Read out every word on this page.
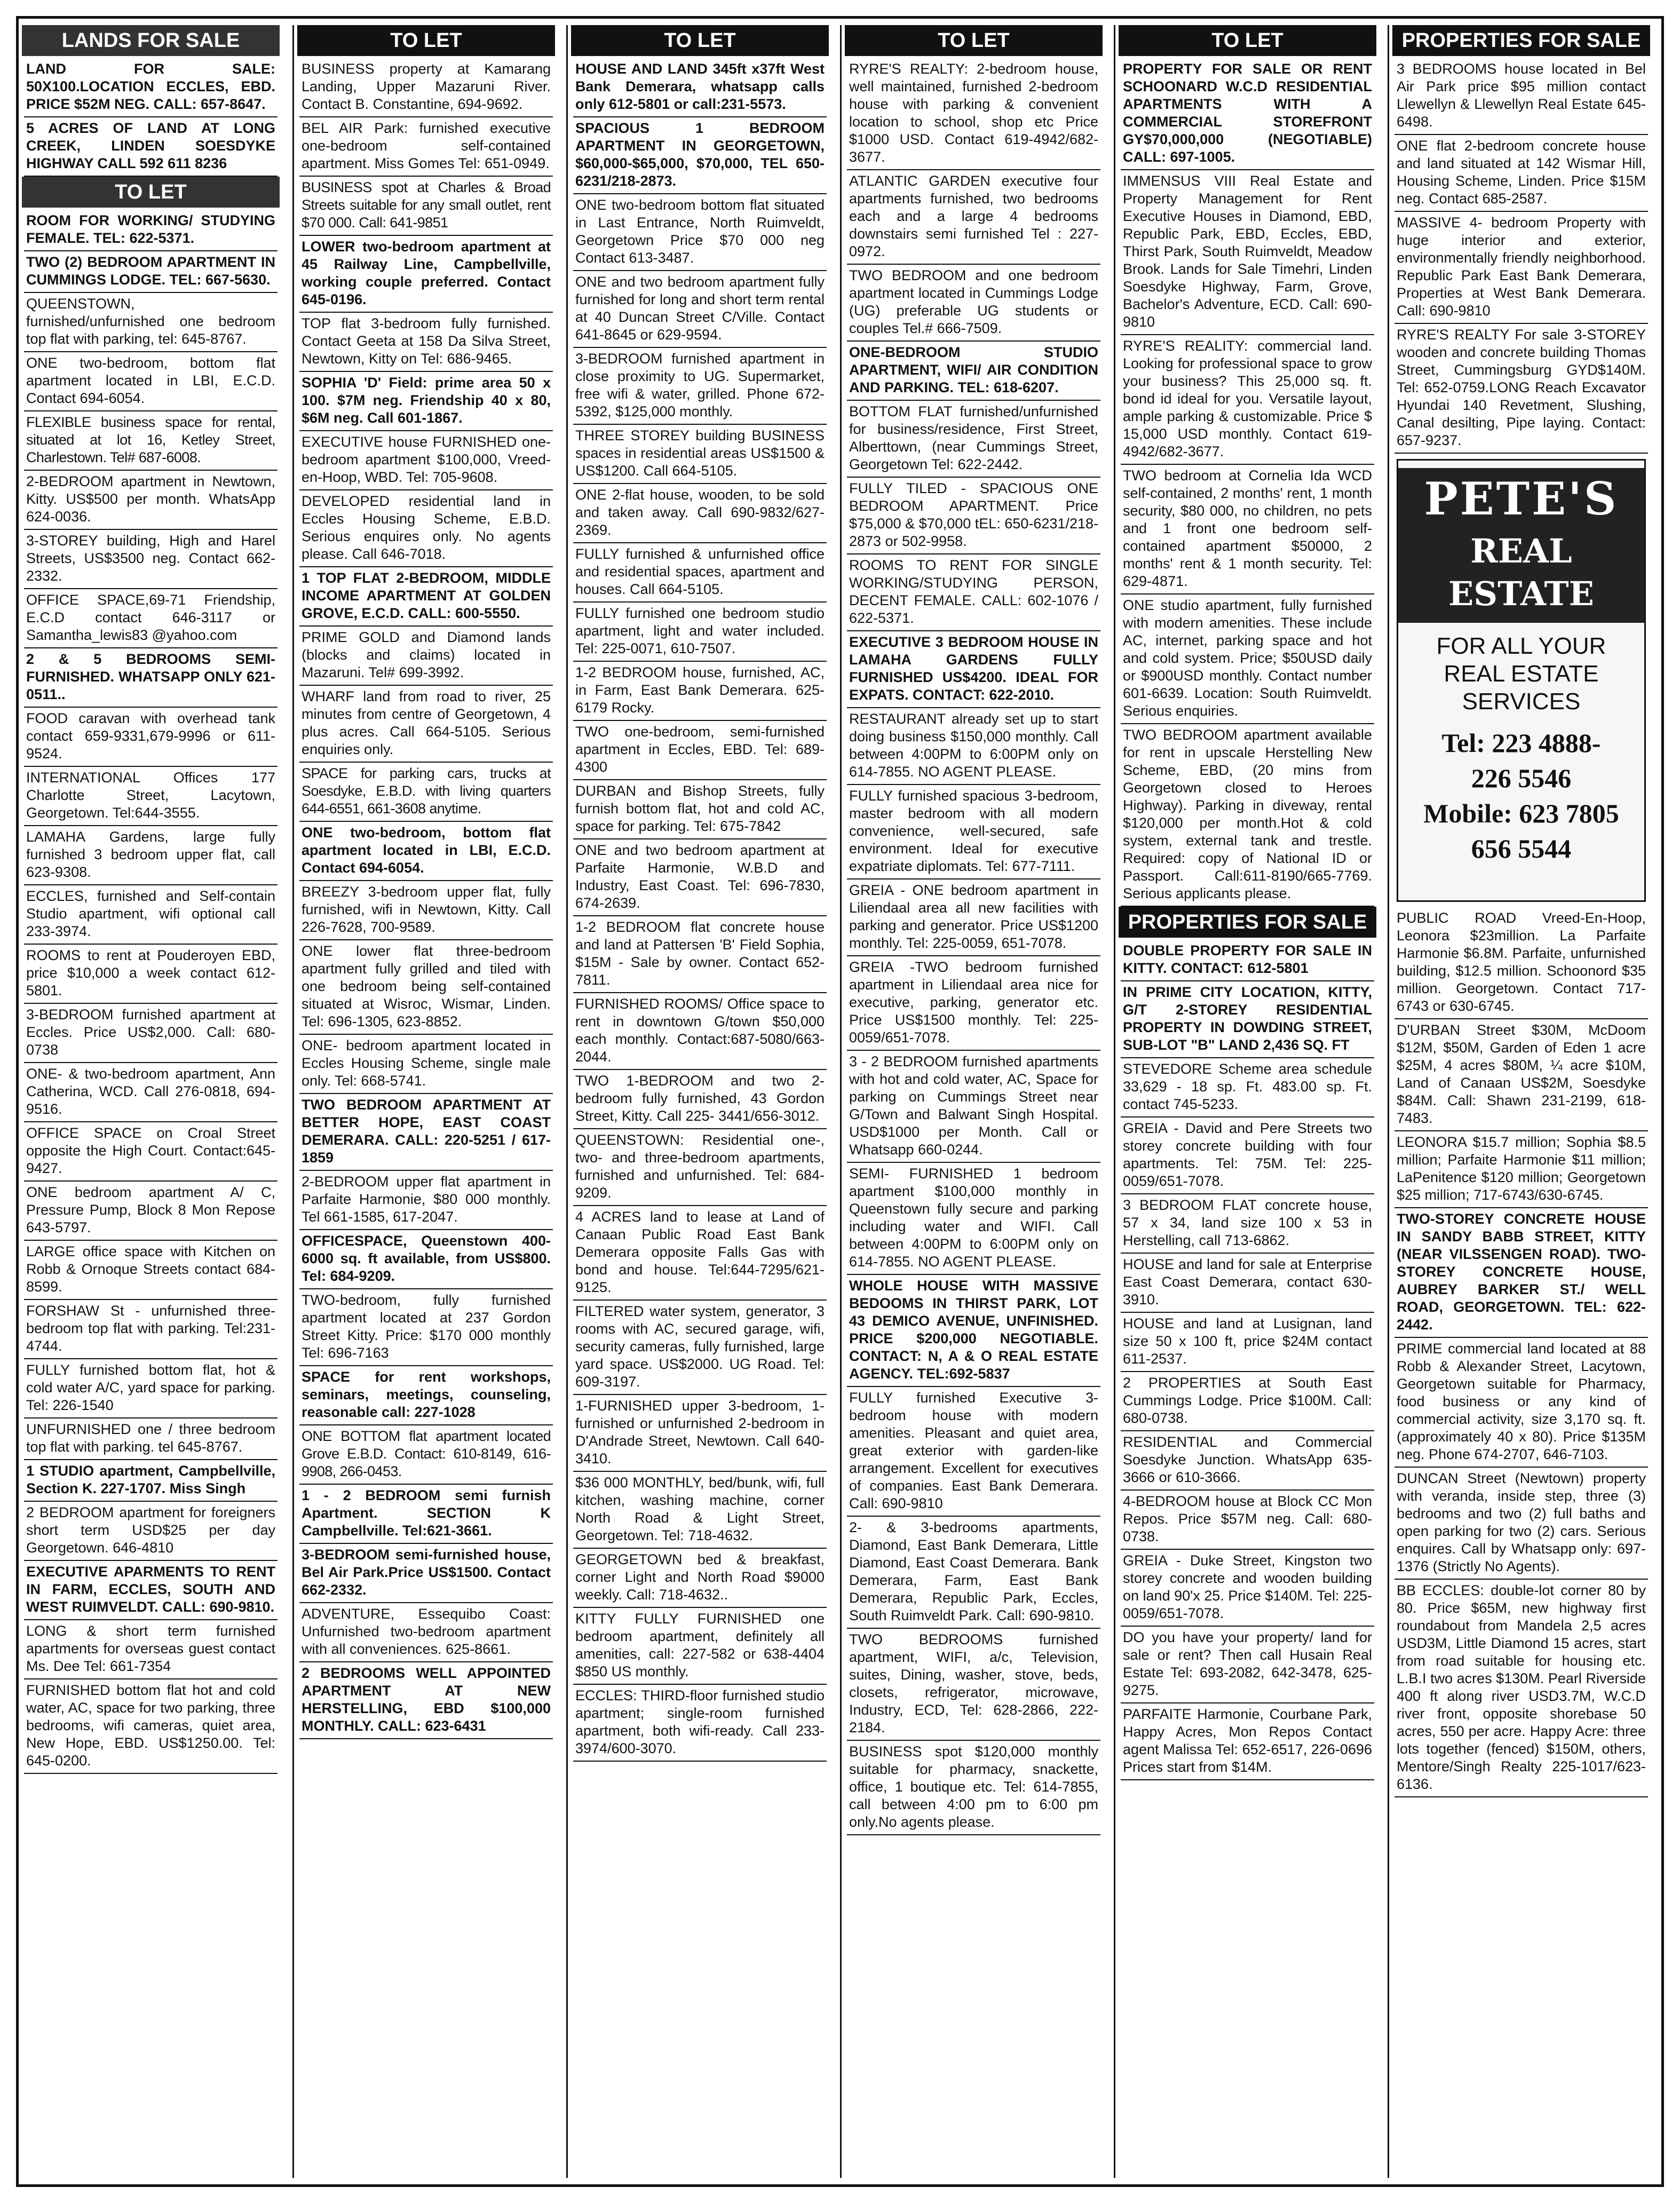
LANDS FOR SALE
LAND FOR SALE: 50X100.LOCATION ECCLES, EBD. PRICE $52M NEG. CALL: 657-8647.
5 ACRES OF LAND AT LONG CREEK, LINDEN SOESDYKE HIGHWAY CALL 592 611 8236
TO LET
ROOM FOR WORKING/ STUDYING FEMALE. TEL: 622-5371.
TWO (2) BEDROOM APARTMENT IN CUMMINGS LODGE. TEL: 667-5630.
QUEENSTOWN, furnished/unfurnished one bedroom top flat with parking, tel: 645-8767.
ONE two-bedroom, bottom flat apartment located in LBI, E.C.D. Contact 694-6054.
FLEXIBLE business space for rental, situated at lot 16, Ketley Street, Charlestown. Tel# 687-6008.
2-BEDROOM apartment in Newtown, Kitty. US$500 per month. WhatsApp 624-0036.
3-STOREY building, High and Harel Streets, US$3500 neg. Contact 662-2332.
OFFICE SPACE,69-71 Friendship, E.C.D contact 646-3117 or Samantha_lewis83 @yahoo.com
2 & 5 BEDROOMS SEMI-FURNISHED. WHATSAPP ONLY 621-0511..
FOOD caravan with overhead tank contact 659-9331,679-9996 or 611-9524.
INTERNATIONAL Offices 177 Charlotte Street, Lacytown, Georgetown. Tel:644-3555.
LAMAHA Gardens, large fully furnished 3 bedroom upper flat, call 623-9308.
ECCLES, furnished and Self-contain Studio apartment, wifi optional call 233-3974.
ROOMS to rent at Pouderoyen EBD, price $10,000 a week contact 612-5801.
3-BEDROOM furnished apartment at Eccles. Price US$2,000. Call: 680-0738
ONE- & two-bedroom apartment, Ann Catherina, WCD. Call 276-0818, 694-9516.
OFFICE SPACE on Croal Street opposite the High Court. Contact:645-9427.
ONE bedroom apartment A/ C, Pressure Pump, Block 8 Mon Repose 643-5797.
LARGE office space with Kitchen on Robb & Ornoque Streets contact 684-8599.
FORSHAW St - unfurnished three-bedroom top flat with parking. Tel:231-4744.
FULLY furnished bottom flat, hot & cold water A/C, yard space for parking. Tel: 226-1540
UNFURNISHED one / three bedroom top flat with parking. tel 645-8767.
1 STUDIO apartment, Campbellville, Section K. 227-1707. Miss Singh
2 BEDROOM apartment for foreigners short term USD$25 per day Georgetown. 646-4810
EXECUTIVE APARMENTS TO RENT IN FARM, ECCLES, SOUTH AND WEST RUIMVELDT. CALL: 690-9810.
LONG & short term furnished apartments for overseas guest contact Ms. Dee Tel: 661-7354
FURNISHED bottom flat hot and cold water, AC, space for two parking, three bedrooms, wifi cameras, quiet area, New Hope, EBD. US$1250.00. Tel: 645-0200.
TO LET
BUSINESS property at Kamarang Landing, Upper Mazaruni River. Contact B. Constantine, 694-9692.
BEL AIR Park: furnished executive one-bedroom self-contained apartment. Miss Gomes Tel: 651-0949.
BUSINESS spot at Charles & Broad Streets suitable for any small outlet, rent $70 000. Call: 641-9851
LOWER two-bedroom apartment at 45 Railway Line, Campbellville, working couple preferred. Contact 645-0196.
TOP flat 3-bedroom fully furnished. Contact Geeta at 158 Da Silva Street, Newtown, Kitty on Tel: 686-9465.
SOPHIA 'D' Field: prime area 50 x 100. $7M neg. Friendship 40 x 80, $6M neg. Call 601-1867.
EXECUTIVE house FURNISHED one-bedroom apartment $100,000, Vreed-en-Hoop, WBD. Tel: 705-9608.
DEVELOPED residential land in Eccles Housing Scheme, E.B.D. Serious enquires only. No agents please. Call 646-7018.
1 TOP FLAT 2-BEDROOM, MIDDLE INCOME APARTMENT AT GOLDEN GROVE, E.C.D. CALL: 600-5550.
PRIME GOLD and Diamond lands (blocks and claims) located in Mazaruni. Tel# 699-3992.
WHARF land from road to river, 25 minutes from centre of Georgetown, 4 plus acres. Call 664-5105. Serious enquiries only.
SPACE for parking cars, trucks at Soesdyke, E.B.D. with living quarters 644-6551, 661-3608 anytime.
ONE two-bedroom, bottom flat apartment located in LBI, E.C.D. Contact 694-6054.
BREEZY 3-bedroom upper flat, fully furnished, wifi in Newtown, Kitty. Call 226-7628, 700-9589.
ONE lower flat three-bedroom apartment fully grilled and tiled with one bedroom being self-contained situated at Wisroc, Wismar, Linden. Tel: 696-1305, 623-8852.
ONE- bedroom apartment located in Eccles Housing Scheme, single male only. Tel: 668-5741.
TWO BEDROOM APARTMENT AT BETTER HOPE, EAST COAST DEMERARA. CALL: 220-5251 / 617-1859
2-BEDROOM upper flat apartment in Parfaite Harmonie, $80 000 monthly. Tel 661-1585, 617-2047.
OFFICESPACE, Queenstown 400-6000 sq. ft available, from US$800. Tel: 684-9209.
TWO-bedroom, fully furnished apartment located at 237 Gordon Street Kitty. Price: $170 000 monthly Tel: 696-7163
SPACE for rent workshops, seminars, meetings, counseling, reasonable call: 227-1028
ONE BOTTOM flat apartment located Grove E.B.D. Contact: 610-8149, 616-9908, 266-0453.
1 - 2 BEDROOM semi furnish Apartment. SECTION K Campbellville. Tel:621-3661.
3-BEDROOM semi-furnished house, Bel Air Park.Price US$1500. Contact 662-2332.
ADVENTURE, Essequibo Coast: Unfurnished two-bedroom apartment with all conveniences. 625-8661.
2 BEDROOMS WELL APPOINTED APARTMENT AT NEW HERSTELLING, EBD $100,000 MONTHLY. CALL: 623-6431
TO LET
HOUSE AND LAND 345ft x37ft West Bank Demerara, whatsapp calls only 612-5801 or call:231-5573.
SPACIOUS 1 BEDROOM APARTMENT IN GEORGETOWN, $60,000-$65,000, $70,000, TEL 650-6231/218-2873.
ONE two-bedroom bottom flat situated in Last Entrance, North Ruimveldt, Georgetown Price $70 000 neg Contact 613-3487.
ONE and two bedroom apartment fully furnished for long and short term rental at 40 Duncan Street C/Ville. Contact 641-8645 or 629-9594.
3-BEDROOM furnished apartment in close proximity to UG. Supermarket, free wifi & water, grilled. Phone 672-5392, $125,000 monthly.
THREE STOREY building BUSINESS spaces in residential areas US$1500 & US$1200. Call 664-5105.
ONE 2-flat house, wooden, to be sold and taken away. Call 690-9832/627-2369.
FULLY furnished & unfurnished office and residential spaces, apartment and houses. Call 664-5105.
FULLY furnished one bedroom studio apartment, light and water included. Tel: 225-0071, 610-7507.
1-2 BEDROOM house, furnished, AC, in Farm, East Bank Demerara. 625-6179 Rocky.
TWO one-bedroom, semi-furnished apartment in Eccles, EBD. Tel: 689-4300
DURBAN and Bishop Streets, fully furnish bottom flat, hot and cold AC, space for parking. Tel: 675-7842
ONE and two bedroom apartment at Parfaite Harmonie, W.B.D and Industry, East Coast. Tel: 696-7830, 674-2639.
1-2 BEDROOM flat concrete house and land at Pattersen 'B' Field Sophia, $15M - Sale by owner. Contact 652-7811.
FURNISHED ROOMS/ Office space to rent in downtown G/town $50,000 each monthly. Contact:687-5080/663-2044.
TWO 1-BEDROOM and two 2-bedroom fully furnished, 43 Gordon Street, Kitty. Call 225- 3441/656-3012.
QUEENSTOWN: Residential one-, two- and three-bedroom apartments, furnished and unfurnished. Tel: 684-9209.
4 ACRES land to lease at Land of Canaan Public Road East Bank Demerara opposite Falls Gas with bond and house. Tel:644-7295/621-9125.
FILTERED water system, generator, 3 rooms with AC, secured garage, wifi, security cameras, fully furnished, large yard space. US$2000. UG Road. Tel: 609-3197.
1-FURNISHED upper 3-bedroom, 1-furnished or unfurnished 2-bedroom in D'Andrade Street, Newtown. Call 640-3410.
$36 000 MONTHLY, bed/bunk, wifi, full kitchen, washing machine, corner North Road & Light Street, Georgetown. Tel: 718-4632.
GEORGETOWN bed & breakfast, corner Light and North Road $9000 weekly. Call: 718-4632..
KITTY FULLY FURNISHED one bedroom apartment, definitely all amenities, call: 227-582 or 638-4404 $850 US monthly.
ECCLES: THIRD-floor furnished studio apartment; single-room furnished apartment, both wifi-ready. Call 233-3974/600-3070.
TO LET
RYRE'S REALTY: 2-bedroom house, well maintained, furnished 2-bedroom house with parking & convenient location to school, shop etc Price $1000 USD. Contact 619-4942/682-3677.
ATLANTIC GARDEN executive four apartments furnished, two bedrooms each and a large 4 bedrooms downstairs semi furnished Tel : 227-0972.
TWO BEDROOM and one bedroom apartment located in Cummings Lodge (UG) preferable UG students or couples Tel.# 666-7509.
ONE-BEDROOM STUDIO APARTMENT, WIFI/ AIR CONDITION AND PARKING. TEL: 618-6207.
BOTTOM FLAT furnished/unfurnished for business/residence, First Street, Alberttown, (near Cummings Street, Georgetown Tel: 622-2442.
FULLY TILED - SPACIOUS ONE BEDROOM APARTMENT. Price $75,000 & $70,000 tEL: 650-6231/218-2873 or 502-9958.
ROOMS TO RENT FOR SINGLE WORKING/STUDYING PERSON, DECENT FEMALE. CALL: 602-1076 / 622-5371.
EXECUTIVE 3 BEDROOM HOUSE IN LAMAHA GARDENS FULLY FURNISHED US$4200. IDEAL FOR EXPATS. CONTACT: 622-2010.
RESTAURANT already set up to start doing business $150,000 monthly. Call between 4:00PM to 6:00PM only on 614-7855. NO AGENT PLEASE.
FULLY furnished spacious 3-bedroom, master bedroom with all modern convenience, well-secured, safe environment. Ideal for executive expatriate diplomats. Tel: 677-7111.
GREIA - ONE bedroom apartment in Liliendaal area all new facilities with parking and generator. Price US$1200 monthly. Tel: 225-0059, 651-7078.
GREIA -TWO bedroom furnished apartment in Liliendaal area nice for executive, parking, generator etc. Price US$1500 monthly. Tel: 225-0059/651-7078.
3 - 2 BEDROOM furnished apartments with hot and cold water, AC, Space for parking on Cummings Street near G/Town and Balwant Singh Hospital. USD$1000 per Month. Call or Whatsapp 660-0244.
SEMI- FURNISHED 1 bedroom apartment $100,000 monthly in Queenstown fully secure and parking including water and WIFI. Call between 4:00PM to 6:00PM only on 614-7855. NO AGENT PLEASE.
WHOLE HOUSE WITH MASSIVE BEDOOMS IN THIRST PARK, LOT 43 DEMICO AVENUE, UNFINISHED. PRICE $200,000 NEGOTIABLE. CONTACT: N, A & O REAL ESTATE AGENCY. TEL:692-5837
FULLY furnished Executive 3- bedroom house with modern amenities. Pleasant and quiet area, great exterior with garden-like arrangement. Excellent for executives of companies. East Bank Demerara. Call: 690-9810
2- & 3-bedrooms apartments, Diamond, East Bank Demerara, Little Diamond, East Coast Demerara. Bank Demerara, Farm, East Bank Demerara, Republic Park, Eccles, South Ruimveldt Park. Call: 690-9810.
TWO BEDROOMS furnished apartment, WIFI, a/c, Television, suites, Dining, washer, stove, beds, closets, refrigerator, microwave, Industry, ECD, Tel: 628-2866, 222-2184.
BUSINESS spot $120,000 monthly suitable for pharmacy, snackette, office, 1 boutique etc. Tel: 614-7855, call between 4:00 pm to 6:00 pm only.No agents please.
TO LET
PROPERTY FOR SALE OR RENT SCHOONARD W.C.D RESIDENTIAL APARTMENTS WITH A COMMERCIAL STOREFRONT GY$70,000,000 (NEGOTIABLE) CALL: 697-1005.
IMMENSUS VIII Real Estate and Property Management for Rent Executive Houses in Diamond, EBD, Republic Park, EBD, Eccles, EBD, Thirst Park, South Ruimveldt, Meadow Brook. Lands for Sale Timehri, Linden Soesdyke Highway, Farm, Grove, Bachelor's Adventure, ECD. Call: 690-9810
RYRE'S REALITY: commercial land. Looking for professional space to grow your business? This 25,000 sq. ft. bond id ideal for you. Versatile layout, ample parking & customizable. Price $ 15,000 USD monthly. Contact 619-4942/682-3677.
TWO bedroom at Cornelia Ida WCD self-contained, 2 months' rent, 1 month security, $80 000, no children, no pets and 1 front one bedroom self-contained apartment $50000, 2 months' rent & 1 month security. Tel: 629-4871.
ONE studio apartment, fully furnished with modern amenities. These include AC, internet, parking space and hot and cold system. Price; $50USD daily or $900USD monthly. Contact number 601-6639. Location: South Ruimveldt. Serious enquiries.
TWO BEDROOM apartment available for rent in upscale Herstelling New Scheme, EBD, (20 mins from Georgetown closed to Heroes Highway). Parking in diveway, rental $120,000 per month.Hot & cold system, external tank and trestle. Required: copy of National ID or Passport. Call:611-8190/665-7769. Serious applicants please.
PROPERTIES FOR SALE
DOUBLE PROPERTY FOR SALE IN KITTY. CONTACT: 612-5801
IN PRIME CITY LOCATION, KITTY, G/T 2-STOREY RESIDENTIAL PROPERTY IN DOWDING STREET, SUB-LOT "B" LAND 2,436 SQ. FT
STEVEDORE Scheme area schedule 33,629 - 18 sp. Ft. 483.00 sp. Ft. contact 745-5233.
GREIA - David and Pere Streets two storey concrete building with four apartments. Tel: 75M. Tel: 225-0059/651-7078.
3 BEDROOM FLAT concrete house, 57 x 34, land size 100 x 53 in Herstelling, call 713-6862.
HOUSE and land for sale at Enterprise East Coast Demerara, contact 630-3910.
HOUSE and land at Lusignan, land size 50 x 100 ft, price $24M contact 611-2537.
2 PROPERTIES at South East Cummings Lodge. Price $100M. Call: 680-0738.
RESIDENTIAL and Commercial Soesdyke Junction. WhatsApp 635-3666 or 610-3666.
4-BEDROOM house at Block CC Mon Repos. Price $57M neg. Call: 680-0738.
GREIA - Duke Street, Kingston two storey concrete and wooden building on land 90'x 25. Price $140M. Tel: 225-0059/651-7078.
DO you have your property/ land for sale or rent? Then call Husain Real Estate Tel: 693-2082, 642-3478, 625-9275.
PARFAITE Harmonie, Courbane Park, Happy Acres, Mon Repos Contact agent Malissa Tel: 652-6517, 226-0696 Prices start from $14M.
PROPERTIES FOR SALE
3 BEDROOMS house located in Bel Air Park price $95 million contact Llewellyn & Llewellyn Real Estate 645-6498.
ONE flat 2-bedroom concrete house and land situated at 142 Wismar Hill, Housing Scheme, Linden. Price $15M neg. Contact 685-2587.
MASSIVE 4- bedroom Property with huge interior and exterior, environmentally friendly neighborhood. Republic Park East Bank Demerara, Properties at West Bank Demerara. Call: 690-9810
RYRE'S REALTY For sale 3-STOREY wooden and concrete building Thomas Street, Cummingsburg GYD$140M. Tel: 652-0759.LONG Reach Excavator Hyundai 140 Revetment, Slushing, Canal desilting, Pipe laying. Contact: 657-9237.
PETE'S
REAL ESTATE
FOR ALL YOUR REAL ESTATE SERVICES
Tel: 223 4888-
226 5546
Mobile: 623 7805
656 5544
PUBLIC ROAD Vreed-En-Hoop, Leonora $23million. La Parfaite Harmonie $6.8M. Parfaite, unfurnished building, $12.5 million. Schoonord $35 million. Georgetown. Contact 717-6743 or 630-6745.
D'URBAN Street $30M, McDoom $12M, $50M, Garden of Eden 1 acre $25M, 4 acres $80M, ¼ acre $10M, Land of Canaan US$2M, Soesdyke $84M. Call: Shawn 231-2199, 618-7483.
LEONORA $15.7 million; Sophia $8.5 million; Parfaite Harmonie $11 million; LaPenitence $120 million; Georgetown $25 million; 717-6743/630-6745.
TWO-STOREY CONCRETE HOUSE IN SANDY BABB STREET, KITTY (NEAR VILSSENGEN ROAD). TWO-STOREY CONCRETE HOUSE, AUBREY BARKER ST./ WELL ROAD, GEORGETOWN. TEL: 622-2442.
PRIME commercial land located at 88 Robb & Alexander Street, Lacytown, Georgetown suitable for Pharmacy, food business or any kind of commercial activity, size 3,170 sq. ft. (approximately 40 x 80). Price $135M neg. Phone 674-2707, 646-7103.
DUNCAN Street (Newtown) property with veranda, inside step, three (3) bedrooms and two (2) full baths and open parking for two (2) cars. Serious enquires. Call by Whatsapp only: 697-1376 (Strictly No Agents).
BB ECCLES: double-lot corner 80 by 80. Price $65M, new highway first roundabout from Mandela 2,5 acres USD3M, Little Diamond 15 acres, start from road suitable for housing etc. L.B.I two acres $130M. Pearl Riverside 400 ft along river USD3.7M, W.C.D river front, opposite shorebase 50 acres, 550 per acre. Happy Acre: three lots together (fenced) $150M, others, Mentore/Singh Realty 225-1017/623-6136.
